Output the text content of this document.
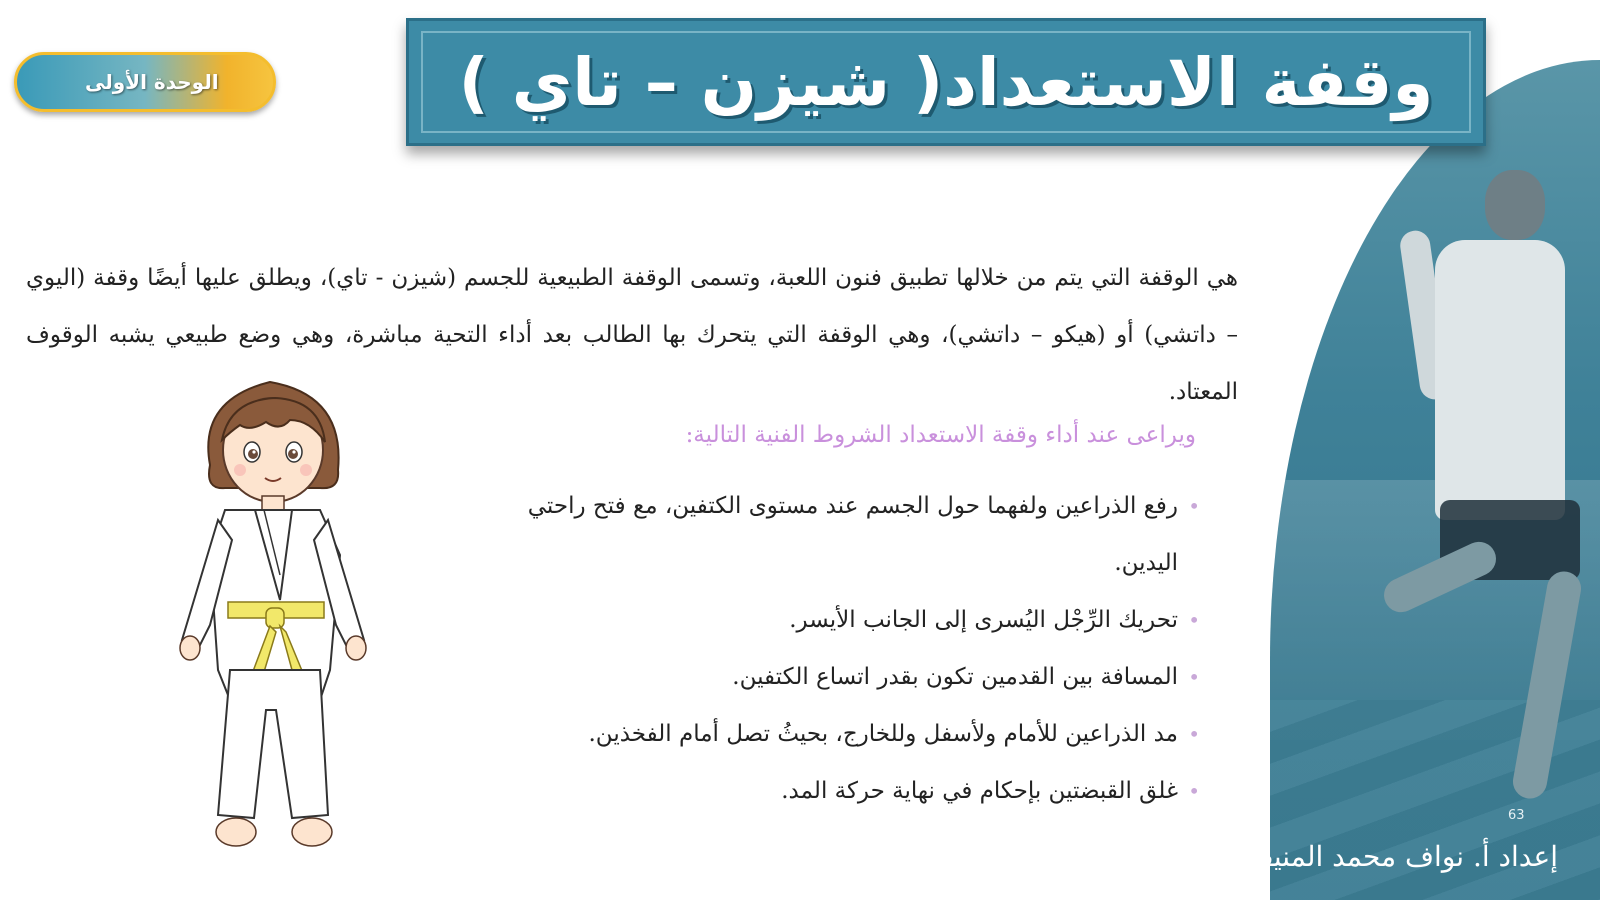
63
إعداد أ. نواف محمد المنيف
الوحدة الأولى	وقفة الاستعداد( شيزن – تاي )
هي الوقفة التي يتم من خلالها تطبيق فنون اللعبة، وتسمى الوقفة الطبيعية للجسم (شيزن - تاي)، ويطلق عليها أيضًا وقفة (اليوي – داتشي) أو (هيكو – داتشي)، وهي الوقفة التي يتحرك بها الطالب بعد أداء التحية مباشرة، وهي وضع طبيعي يشبه الوقوف المعتاد.
ويراعى عند أداء وقفة الاستعداد الشروط الفنية التالية:
• رفع الذراعين ولفهما حول الجسم عند مستوى الكتفين، مع فتح راحتي اليدين.
• تحريك الرِّجْل اليُسرى إلى الجانب الأيسر.
• المسافة بين القدمين تكون بقدر اتساع الكتفين.
• مد الذراعين للأمام ولأسفل وللخارج، بحيثُ تصل أمام الفخذين.
• غلق القبضتين بإحكام في نهاية حركة المد.
